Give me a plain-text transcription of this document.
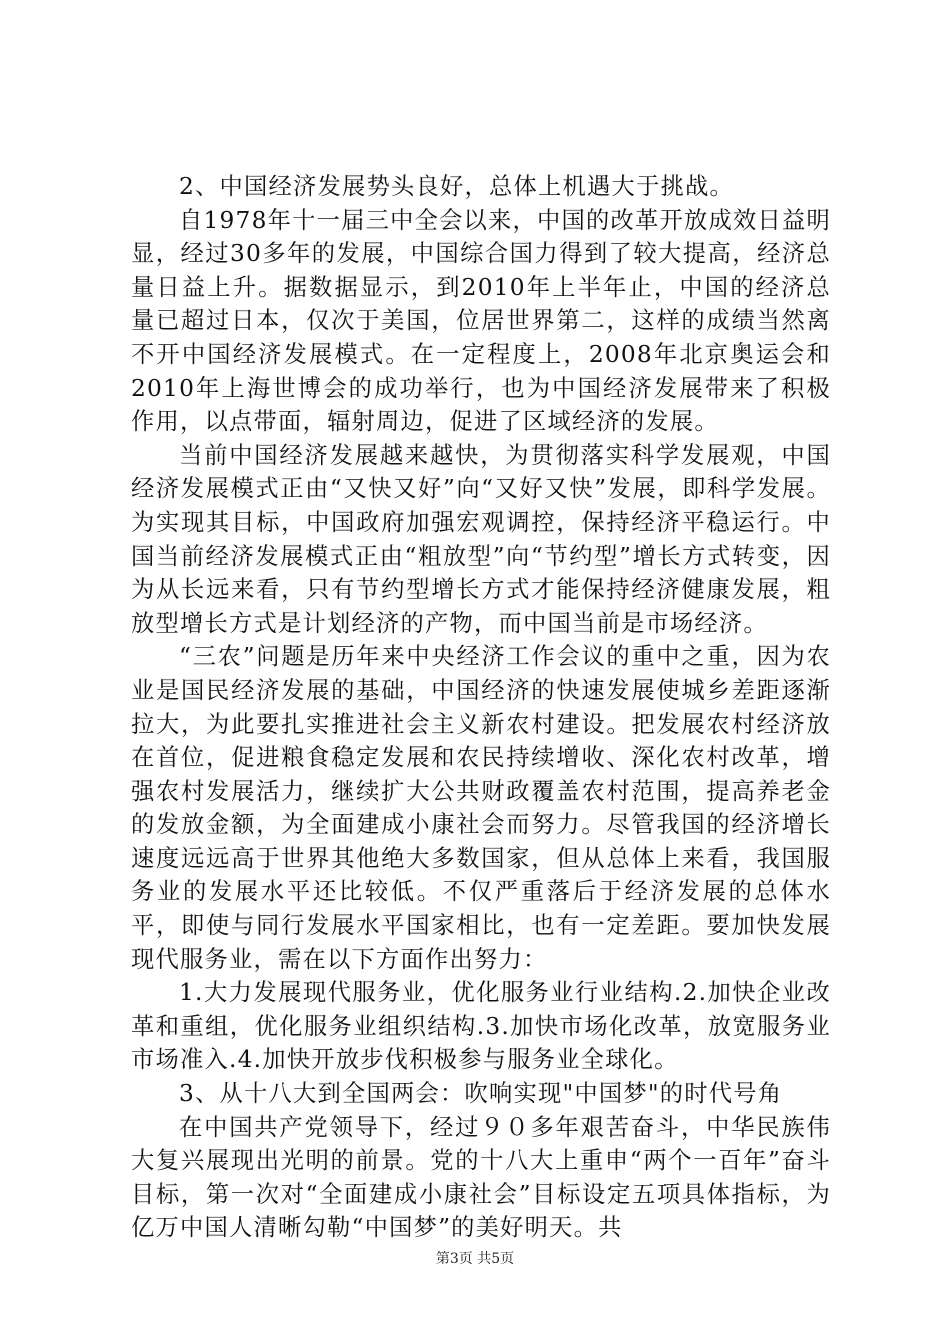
2、中国经济发展势头良好，总体上机遇大于挑战。

自1978年十一届三中全会以来，中国的改革开放成效日益明显，经过30多年的发展，中国综合国力得到了较大提高，经济总量日益上升。据数据显示，到2010年上半年止，中国的经济总量已超过日本，仅次于美国，位居世界第二，这样的成绩当然离不开中国经济发展模式。在一定程度上，2008年北京奥运会和2010年上海世博会的成功举行，也为中国经济发展带来了积极作用，以点带面，辐射周边，促进了区域经济的发展。

当前中国经济发展越来越快，为贯彻落实科学发展观，中国经济发展模式正由“又快又好”向“又好又快”发展，即科学发展。为实现其目标，中国政府加强宏观调控，保持经济平稳运行。中国当前经济发展模式正由“粗放型”向“节约型”增长方式转变，因为从长远来看，只有节约型增长方式才能保持经济健康发展，粗放型增长方式是计划经济的产物，而中国当前是市场经济。

“三农”问题是历年来中央经济工作会议的重中之重，因为农业是国民经济发展的基础，中国经济的快速发展使城乡差距逐渐拉大，为此要扎实推进社会主义新农村建设。把发展农村经济放在首位，促进粮食稳定发展和农民持续增收、深化农村改革，增强农村发展活力，继续扩大公共财政覆盖农村范围，提高养老金的发放金额，为全面建成小康社会而努力。尽管我国的经济增长速度远远高于世界其他绝大多数国家，但从总体上来看，我国服务业的发展水平还比较低。不仅严重落后于经济发展的总体水平，即使与同行发展水平国家相比，也有一定差距。要加快发展现代服务业，需在以下方面作出努力：

1.大力发展现代服务业，优化服务业行业结构.2.加快企业改革和重组，优化服务业组织结构.3.加快市场化改革，放宽服务业市场准入.4.加快开放步伐积极参与服务业全球化。

3、从十八大到全国两会：吹响实现"中国梦"的时代号角

在中国共产党领导下，经过９０多年艰苦奋斗，中华民族伟大复兴展现出光明的前景。党的十八大上重申“两个一百年”奋斗目标，第一次对“全面建成小康社会”目标设定五项具体指标，为亿万中国人清晰勾勒“中国梦”的美好明天。共

第3页 共5页
